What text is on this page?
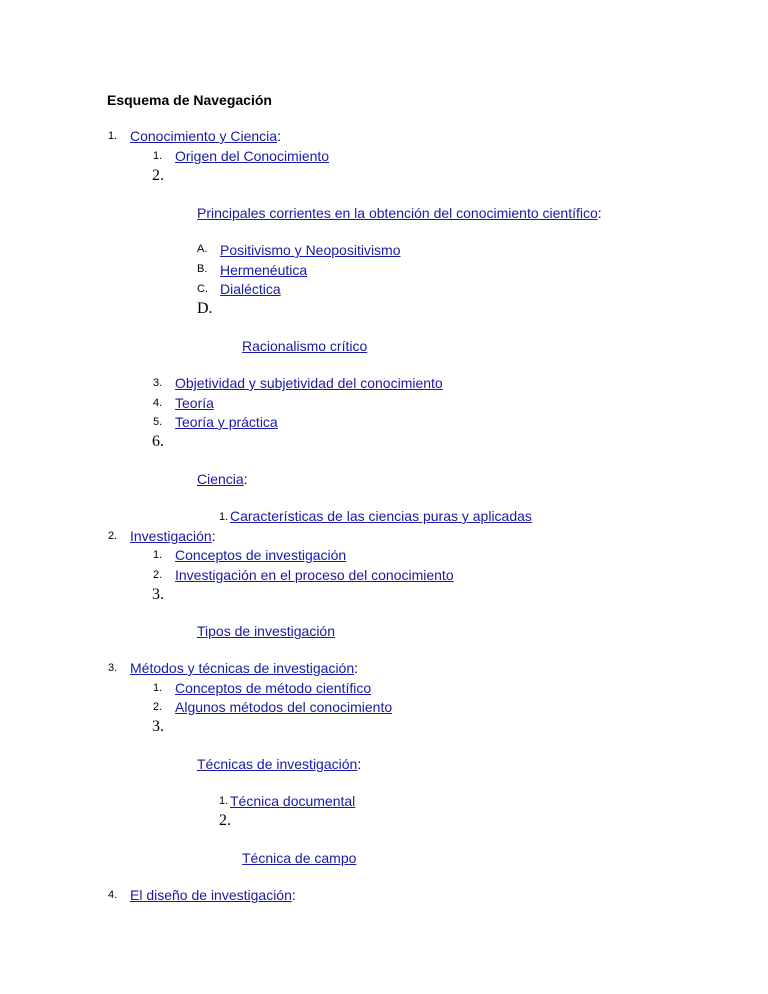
Esquema de Navegación
1. Conocimiento y Ciencia:
1. Origen del Conocimiento
2.
Principales corrientes en la obtención del conocimiento científico:
A. Positivismo y Neopositivismo
B. Hermenéutica
C. Dialéctica
D.
Racionalismo crítico
3. Objetividad y subjetividad del conocimiento
4. Teoría
5. Teoría y práctica
6.
Ciencia:
1. Características de las ciencias puras y aplicadas
2. Investigación:
1. Conceptos de investigación
2. Investigación en el proceso del conocimiento
3.
Tipos de investigación
3. Métodos y técnicas de investigación:
1. Conceptos de método científico
2. Algunos métodos del conocimiento
3.
Técnicas de investigación:
1. Técnica documental
2.
Técnica de campo
4. El diseño de investigación:
